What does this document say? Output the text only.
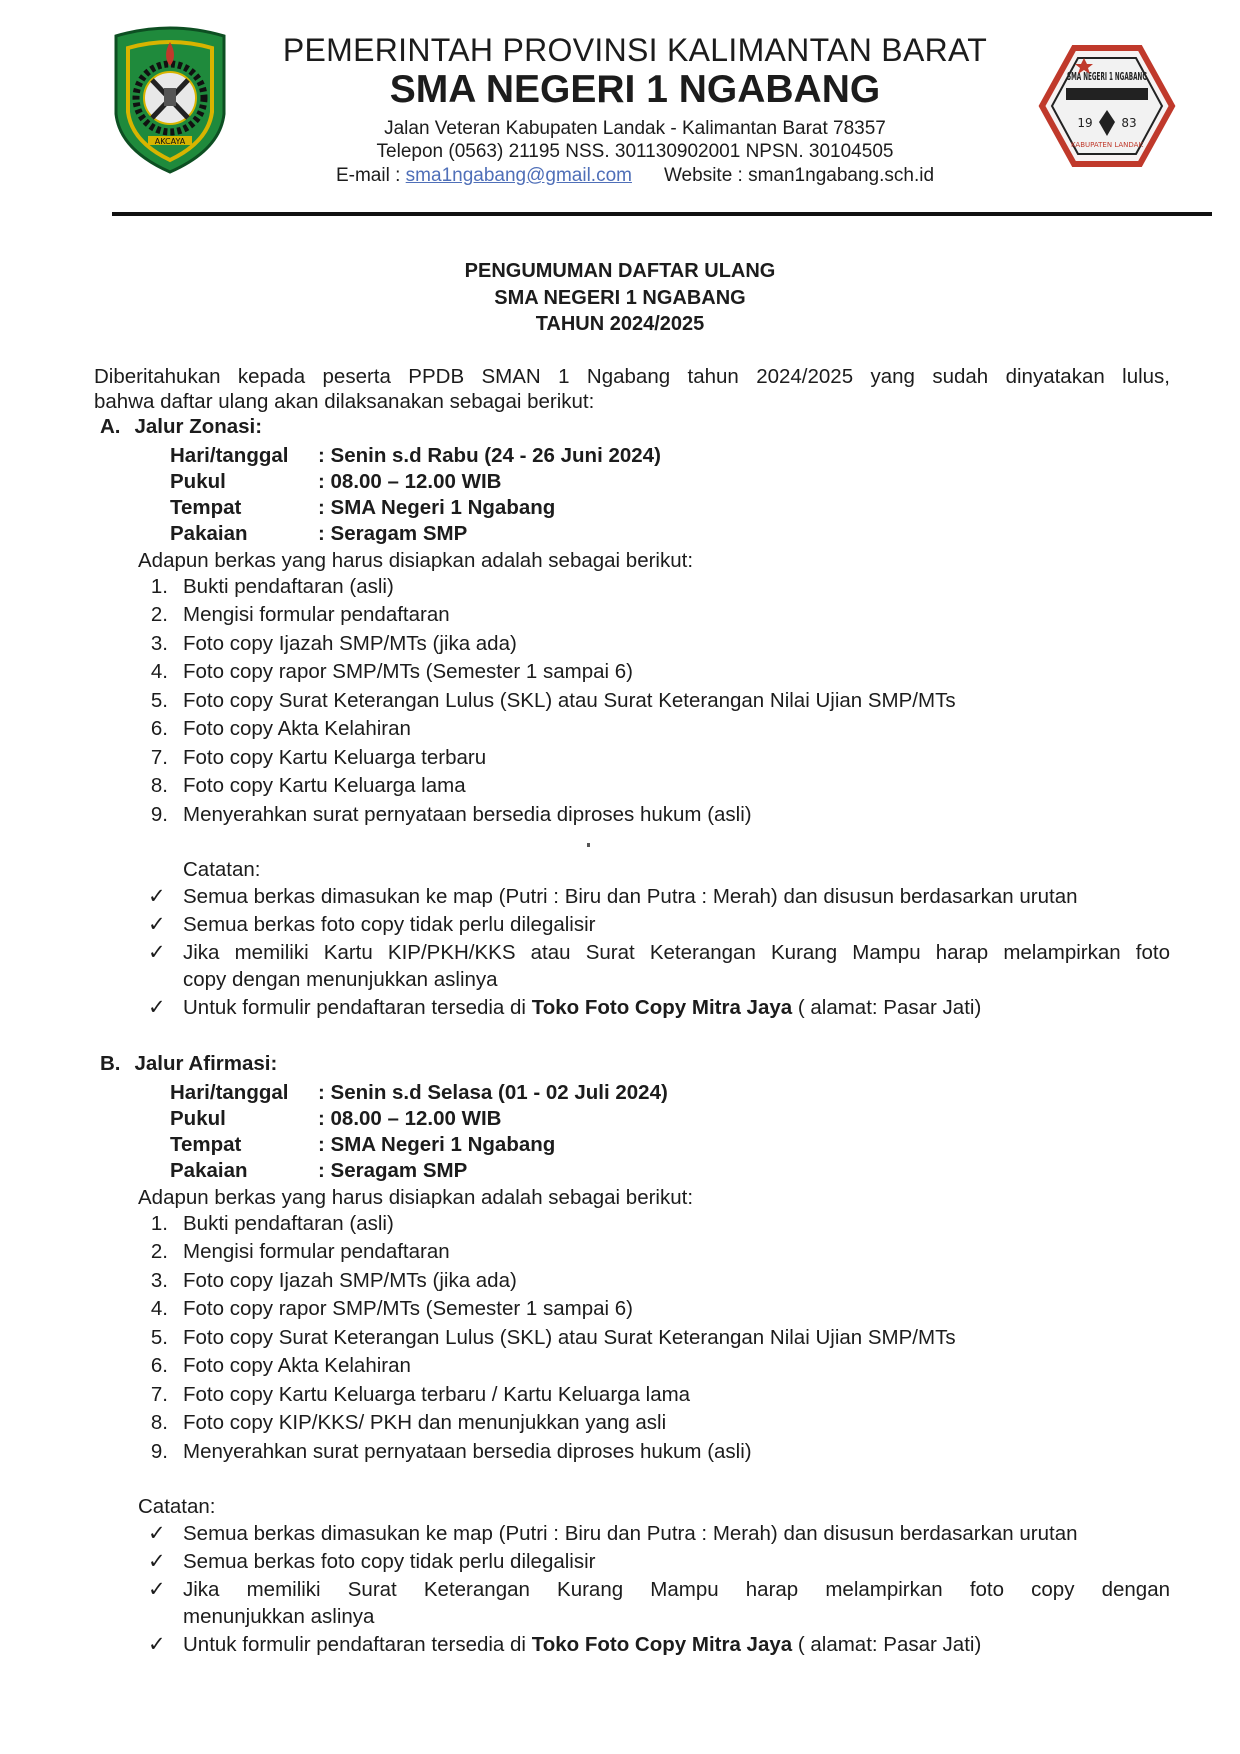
AKCAYA
PEMERINTAH PROVINSI KALIMANTAN BARAT
SMA NEGERI 1 NGABANG
Jalan Veteran Kabupaten Landak - Kalimantan Barat 78357
Telepon (0563) 21195 NSS. 301130902001 NPSN. 30104505
E-mail : sma1ngabang@gmail.com Website : sman1ngabang.sch.id
SMA NEGERI 1 NGABANG
19 83
KABUPATEN LANDAK
PENGUMUMAN DAFTAR ULANG
SMA NEGERI 1 NGABANG
TAHUN 2024/2025
Diberitahukan kepada peserta PPDB SMAN 1 Ngabang tahun 2024/2025 yang sudah dinyatakan lulus,
bahwa daftar ulang akan dilaksanakan sebagai berikut:
A. Jalur Zonasi:
Hari/tanggal : Senin s.d Rabu (24 - 26 Juni 2024)
Pukul	: 08.00 – 12.00 WIB
Tempat	: SMA Negeri 1 Ngabang
Pakaian	: Seragam SMP
Adapun berkas yang harus disiapkan adalah sebagai berikut:
1. Bukti pendaftaran (asli)
2. Mengisi formular pendaftaran
3. Foto copy Ijazah SMP/MTs (jika ada)
4. Foto copy rapor SMP/MTs (Semester 1 sampai 6)
5. Foto copy Surat Keterangan Lulus (SKL) atau Surat Keterangan Nilai Ujian SMP/MTs
6. Foto copy Akta Kelahiran
7. Foto copy Kartu Keluarga terbaru
8. Foto copy Kartu Keluarga lama
9. Menyerahkan surat pernyataan bersedia diproses hukum (asli)
Catatan:
✓ Semua berkas dimasukan ke map (Putri : Biru dan Putra : Merah) dan disusun berdasarkan urutan
✓ Semua berkas foto copy tidak perlu dilegalisir
✓ Jika memiliki Kartu KIP/PKH/KKS atau Surat Keterangan Kurang Mampu harap melampirkan foto
copy dengan menunjukkan aslinya
✓ Untuk formulir pendaftaran tersedia di Toko Foto Copy Mitra Jaya ( alamat: Pasar Jati)
B. Jalur Afirmasi:
Hari/tanggal : Senin s.d Selasa (01 - 02 Juli 2024)
Pukul	: 08.00 – 12.00 WIB
Tempat	: SMA Negeri 1 Ngabang
Pakaian	: Seragam SMP
Adapun berkas yang harus disiapkan adalah sebagai berikut:
1. Bukti pendaftaran (asli)
2. Mengisi formular pendaftaran
3. Foto copy Ijazah SMP/MTs (jika ada)
4. Foto copy rapor SMP/MTs (Semester 1 sampai 6)
5. Foto copy Surat Keterangan Lulus (SKL) atau Surat Keterangan Nilai Ujian SMP/MTs
6. Foto copy Akta Kelahiran
7. Foto copy Kartu Keluarga terbaru / Kartu Keluarga lama
8. Foto copy KIP/KKS/ PKH dan menunjukkan yang asli
9. Menyerahkan surat pernyataan bersedia diproses hukum (asli)
Catatan:
✓ Semua berkas dimasukan ke map (Putri : Biru dan Putra : Merah) dan disusun berdasarkan urutan
✓ Semua berkas foto copy tidak perlu dilegalisir
✓ Jika memiliki Surat Keterangan Kurang Mampu harap melampirkan foto copy dengan
menunjukkan aslinya
✓ Untuk formulir pendaftaran tersedia di Toko Foto Copy Mitra Jaya ( alamat: Pasar Jati)
